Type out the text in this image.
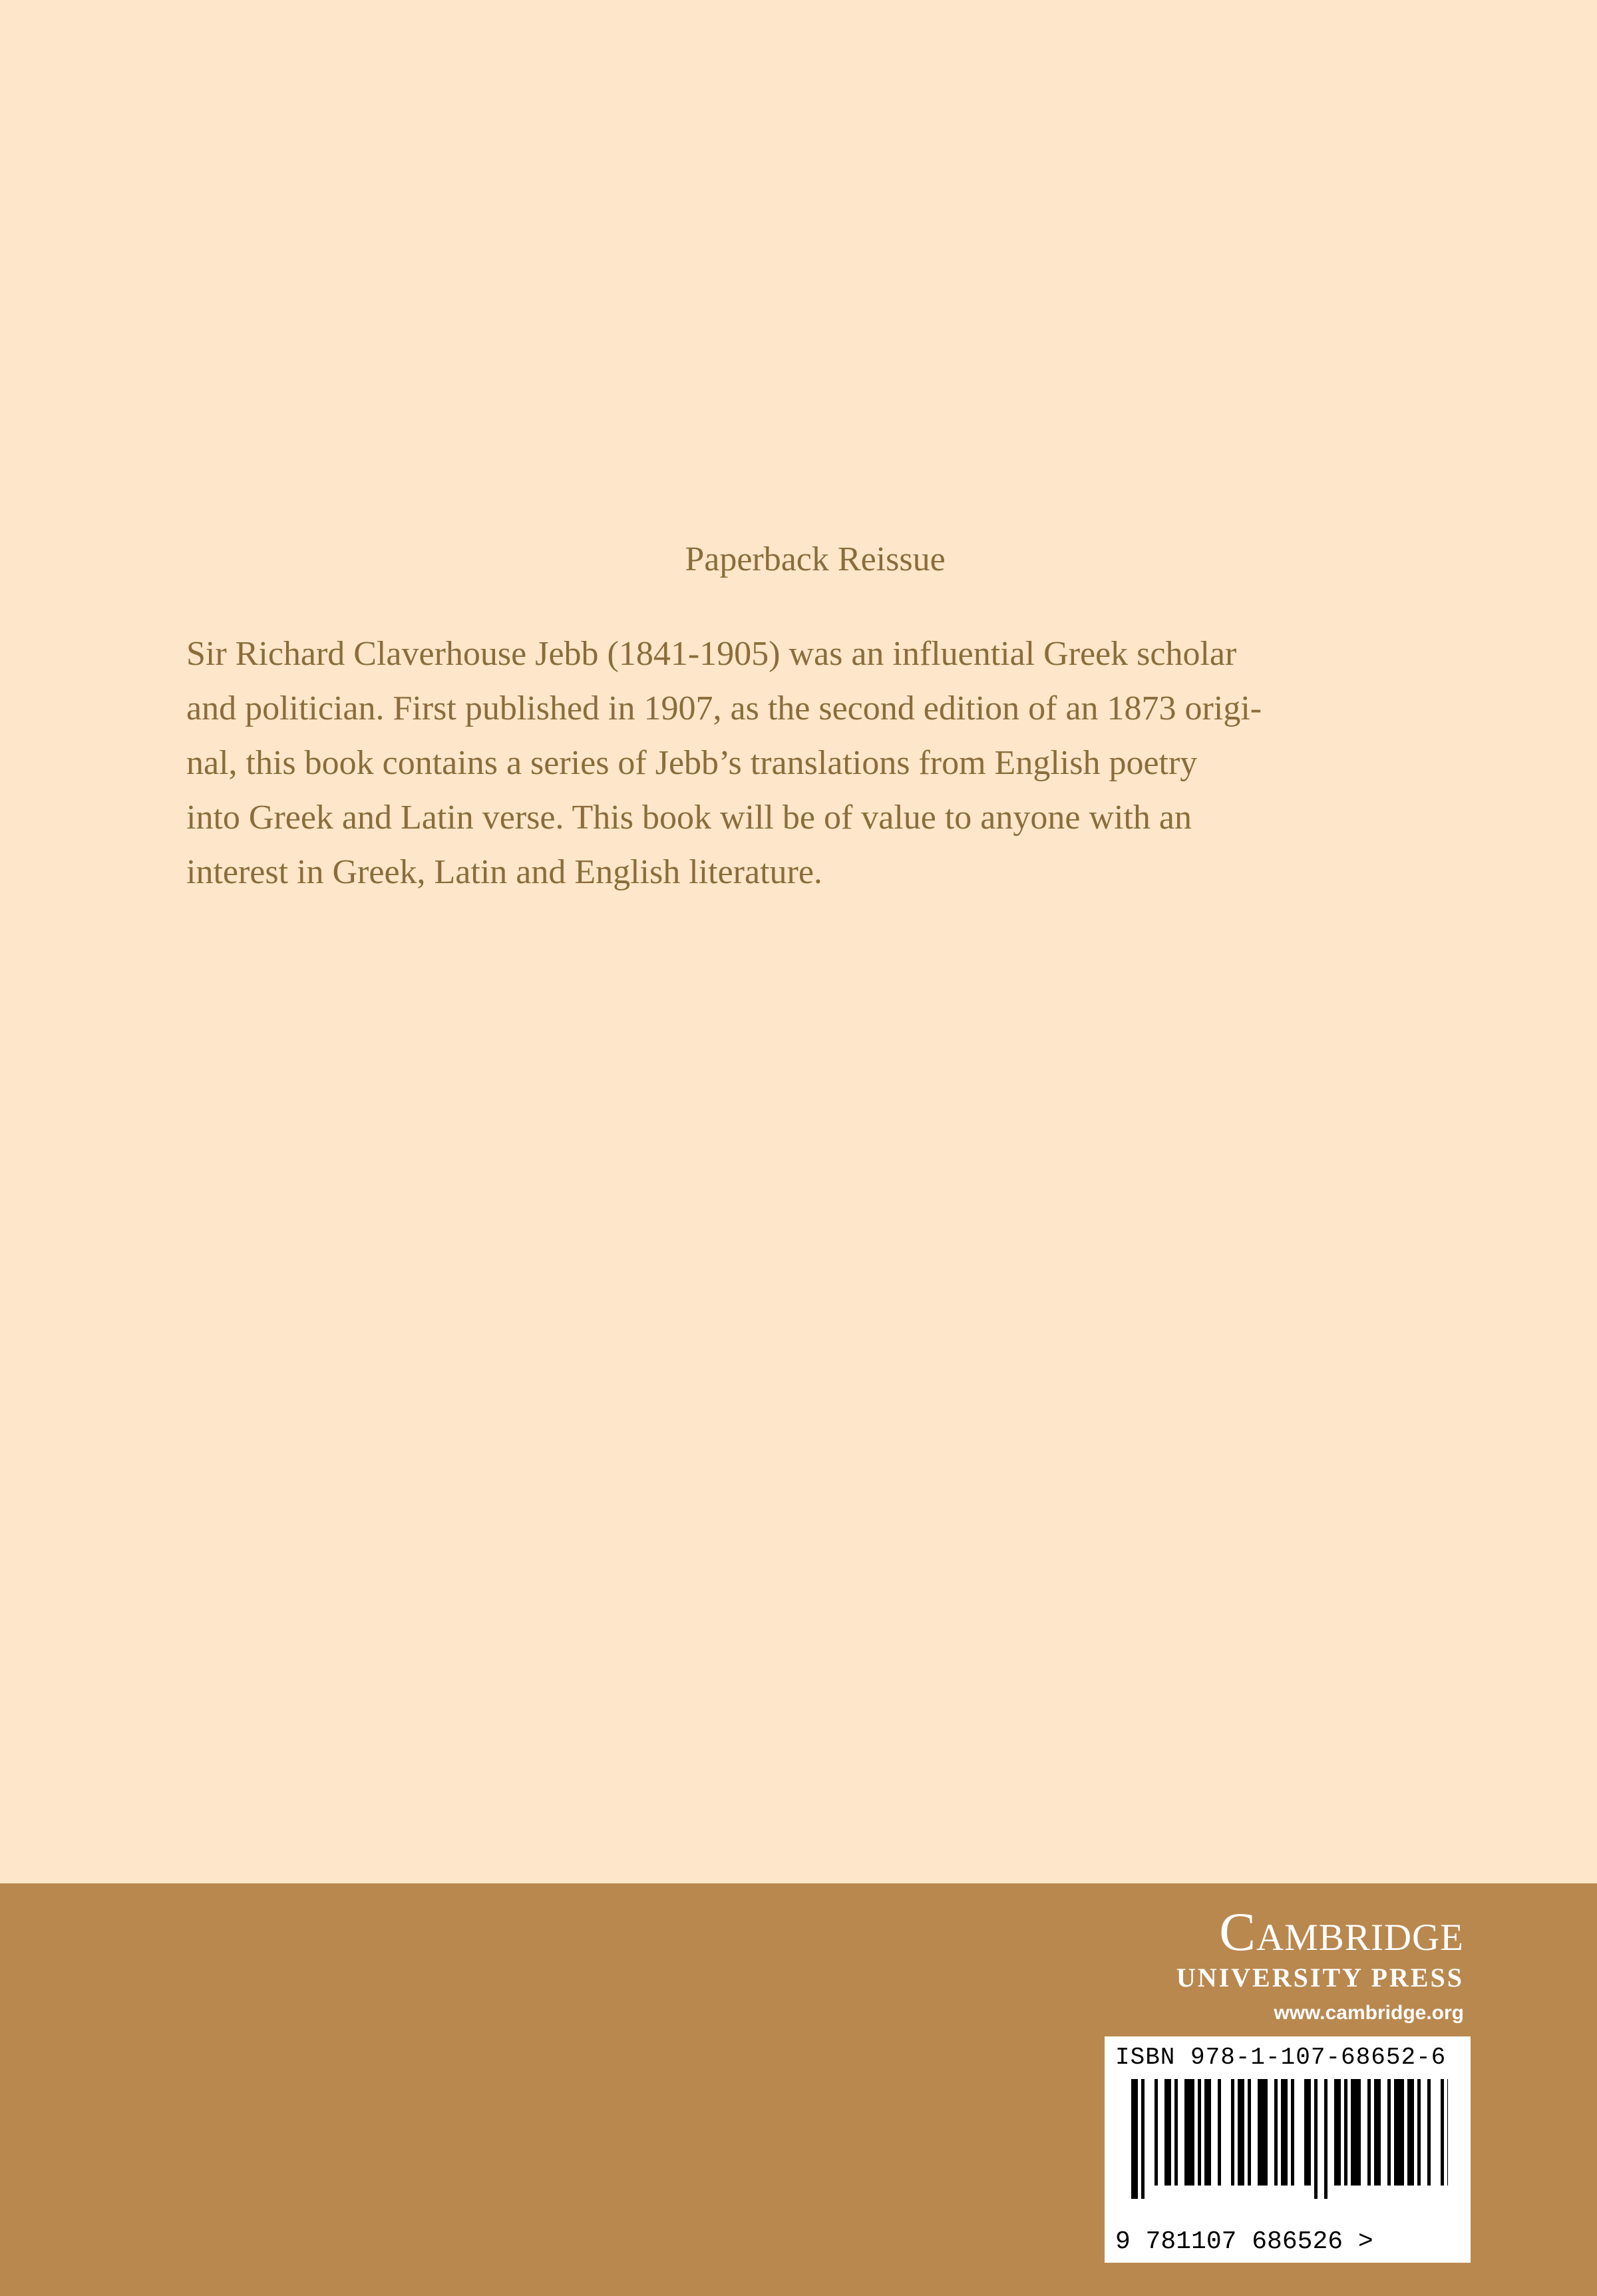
Paperback Reissue
Sir Richard Claverhouse Jebb (1841-1905) was an influential Greek scholar
and politician. First published in 1907, as the second edition of an 1873 origi-
nal, this book contains a series of Jebb’s translations from English poetry
into Greek and Latin verse. This book will be of value to anyone with an
interest in Greek, Latin and English literature.
Cambridge
UNIVERSITY PRESS
www.cambridge.org
ISBN 978-1-107-68652-6
9 781107 686526 >
